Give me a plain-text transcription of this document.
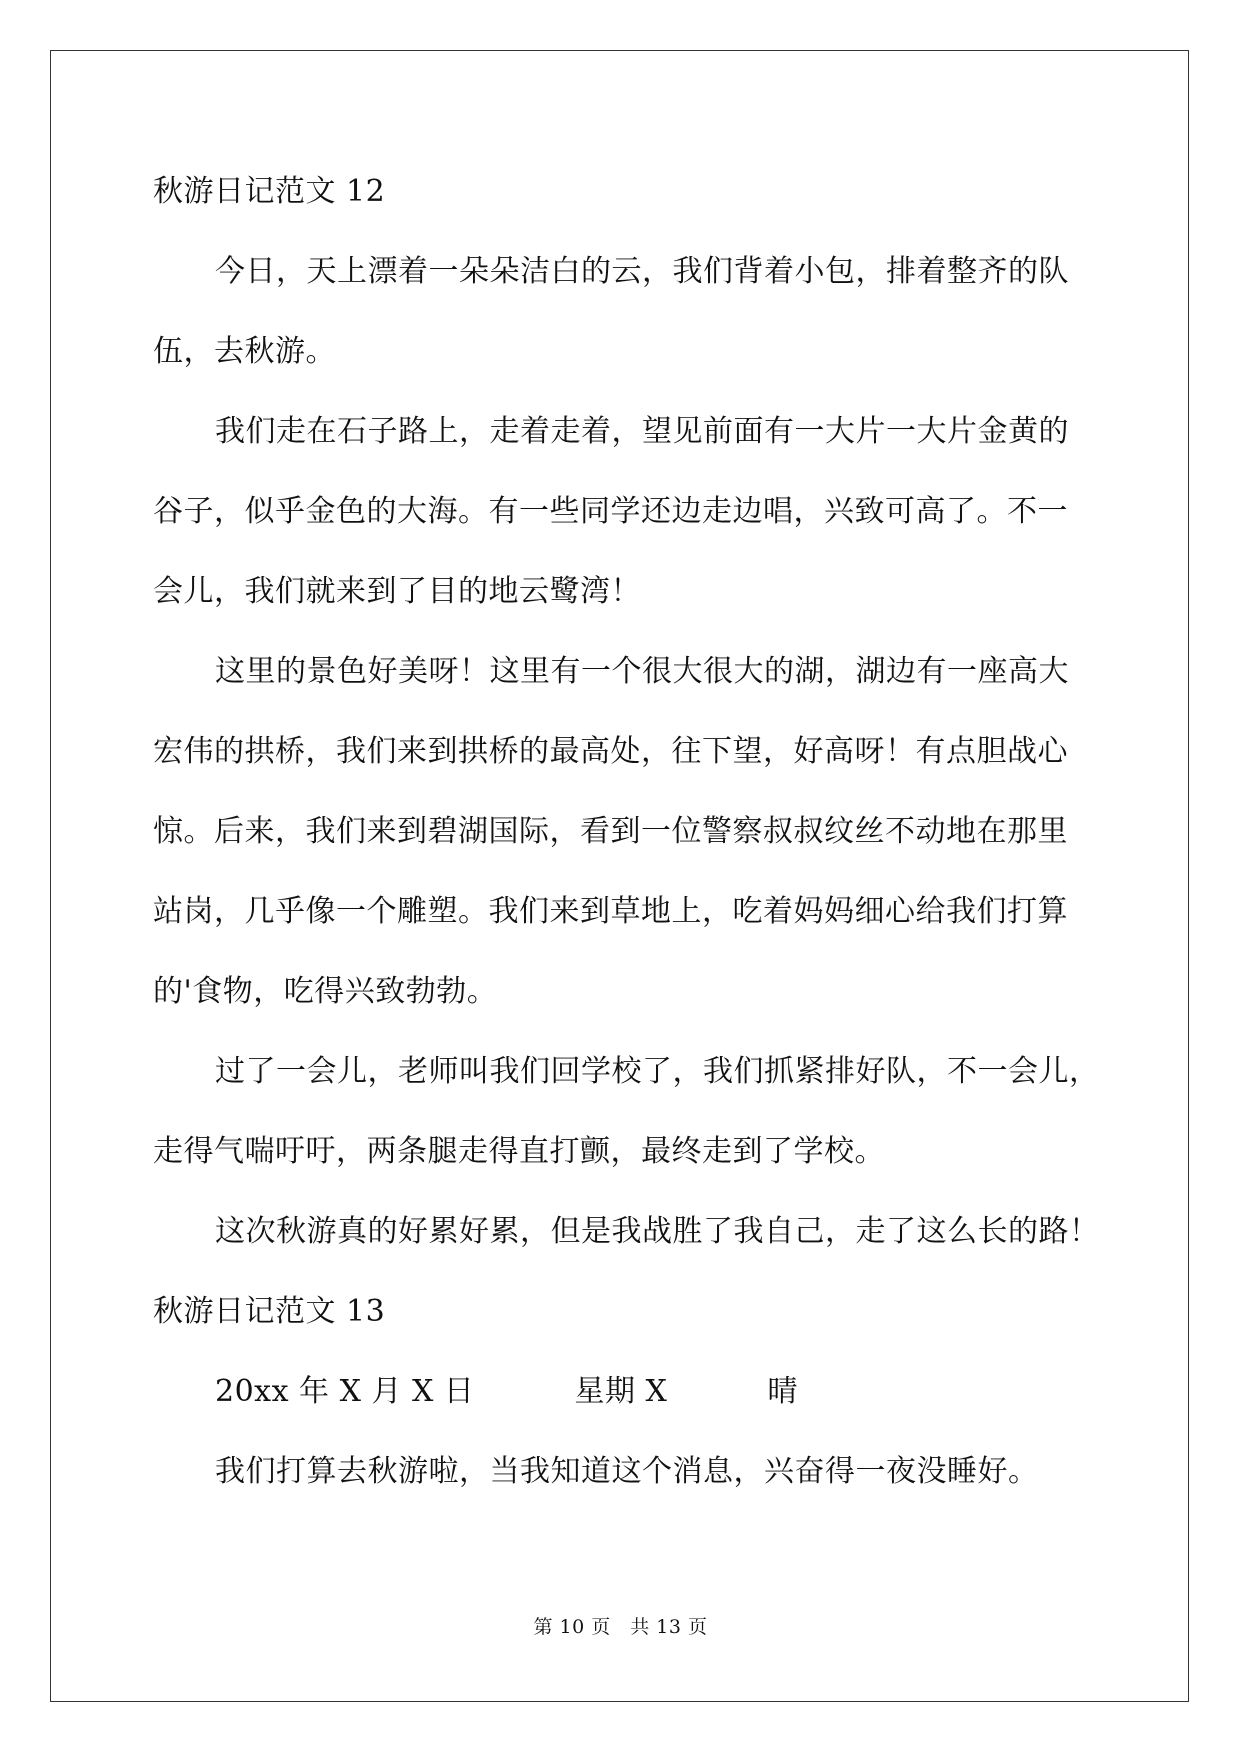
秋游日记范文 12
今日，天上漂着一朵朵洁白的云，我们背着小包，排着整齐的队
伍，去秋游。
我们走在石子路上，走着走着，望见前面有一大片一大片金黄的
谷子，似乎金色的大海。有一些同学还边走边唱，兴致可高了。不一
会儿，我们就来到了目的地云鹭湾！
这里的景色好美呀！这里有一个很大很大的湖，湖边有一座高大
宏伟的拱桥，我们来到拱桥的最高处，往下望，好高呀！有点胆战心
惊。后来，我们来到碧湖国际，看到一位警察叔叔纹丝不动地在那里
站岗，几乎像一个雕塑。我们来到草地上，吃着妈妈细心给我们打算
的'食物，吃得兴致勃勃。
过了一会儿，老师叫我们回学校了，我们抓紧排好队，不一会儿，
走得气喘吁吁，两条腿走得直打颤，最终走到了学校。
这次秋游真的好累好累，但是我战胜了我自己，走了这么长的路！
秋游日记范文 13
20xx 年 X 月 X 日	星期 X	晴
我们打算去秋游啦，当我知道这个消息，兴奋得一夜没睡好。
第 10 页　共 13 页
